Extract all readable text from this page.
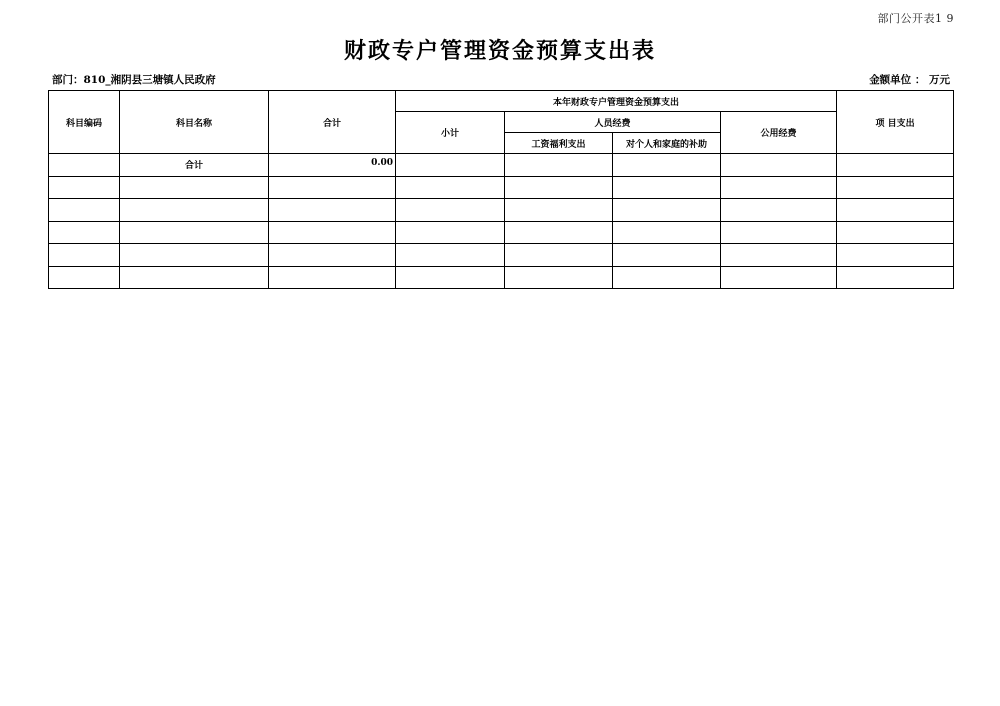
部门公开表1 9
财政专户管理资金预算支出表
部门：810_湘阴县三塘镇人民政府	金额单位 ： 万元
科目编码	科目名称	合计	本年财政专户管理资金预算支出				项 目支出
			小计	人员经费		公用经费	
				工资福利支出	对个人和家庭的补助		
	合计	0.00					
